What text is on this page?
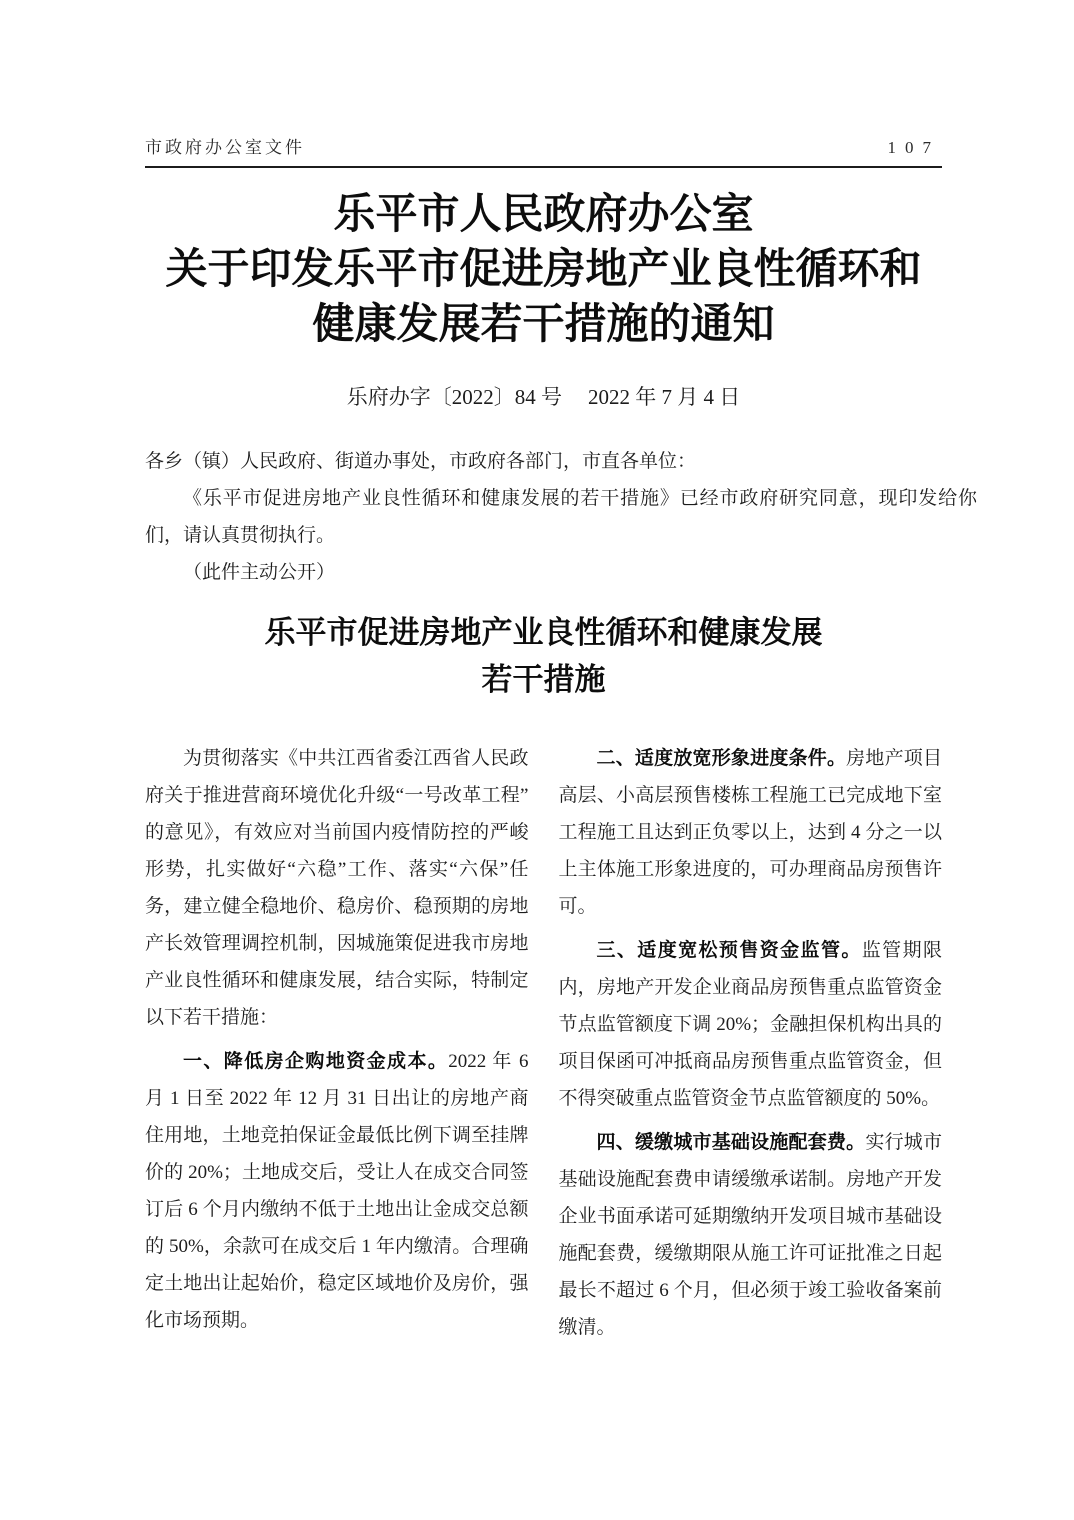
市政府办公室文件	107
乐平市人民政府办公室
关于印发乐平市促进房地产业良性循环和
健康发展若干措施的通知
乐府办字〔2022〕84 号 2022 年 7 月 4 日

各乡（镇）人民政府、街道办事处，市政府各部门，市直各单位：

《乐平市促进房地产业良性循环和健康发展的若干措施》已经市政府研究同意，现印发给你们，请认真贯彻执行。

（此件主动公开）

乐平市促进房地产业良性循环和健康发展
若干措施

为贯彻落实《中共江西省委江西省人民政府关于推进营商环境优化升级“一号改革工程”的意见》，有效应对当前国内疫情防控的严峻形势，扎实做好“六稳”工作、落实“六保”任务，建立健全稳地价、稳房价、稳预期的房地产长效管理调控机制，因城施策促进我市房地产业良性循环和健康发展，结合实际，特制定以下若干措施：

一、降低房企购地资金成本。2022 年 6 月 1 日至 2022 年 12 月 31 日出让的房地产商住用地，土地竞拍保证金最低比例下调至挂牌价的 20%；土地成交后，受让人在成交合同签订后 6 个月内缴纳不低于土地出让金成交总额的 50%，余款可在成交后 1 年内缴清。合理确定土地出让起始价，稳定区域地价及房价，强化市场预期。

二、适度放宽形象进度条件。房地产项目高层、小高层预售楼栋工程施工已完成地下室工程施工且达到正负零以上，达到 4 分之一以上主体施工形象进度的，可办理商品房预售许可。

三、适度宽松预售资金监管。监管期限内，房地产开发企业商品房预售重点监管资金节点监管额度下调 20%；金融担保机构出具的项目保函可冲抵商品房预售重点监管资金，但不得突破重点监管资金节点监管额度的 50%。

四、缓缴城市基础设施配套费。实行城市基础设施配套费申请缓缴承诺制。房地产开发企业书面承诺可延期缴纳开发项目城市基础设施配套费，缓缴期限从施工许可证批准之日起最长不超过 6 个月，但必须于竣工验收备案前缴清。
